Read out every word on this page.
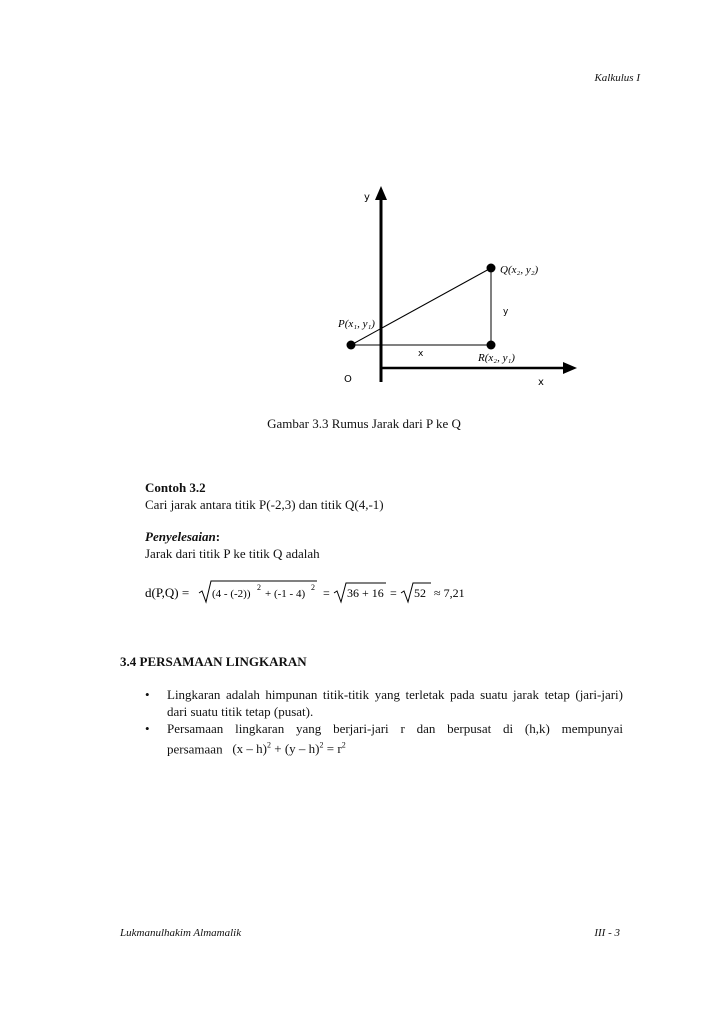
Kalkulus I
y
x
O
P(x₁, y₁)
Q(x₂, y₂)
R(x₂, y₁)
x
y
Gambar 3.3 Rumus Jarak dari P ke Q
Contoh 3.2
Cari jarak antara titik P(-2,3) dan titik Q(4,-1)
Penyelesaian:
Jarak dari titik P ke titik Q adalah
d(P,Q) = (4 - (-2))
2
+ (-1 - 4)
2 = 36 + 16 = 52 ≈ 7,21
3.4 PERSAMAAN LINGKARAN
• Lingkaran adalah himpunan titik-titik yang terletak pada suatu jarak tetap (jari-jari) dari suatu titik tetap (pusat).
• Persamaan lingkaran yang berjari-jari r dan berpusat di (h,k) mempunyai persamaan $(x - h)^2 + (y - h)^2 = r^2$
Lukmanulhakim Almamalik	III - 3
